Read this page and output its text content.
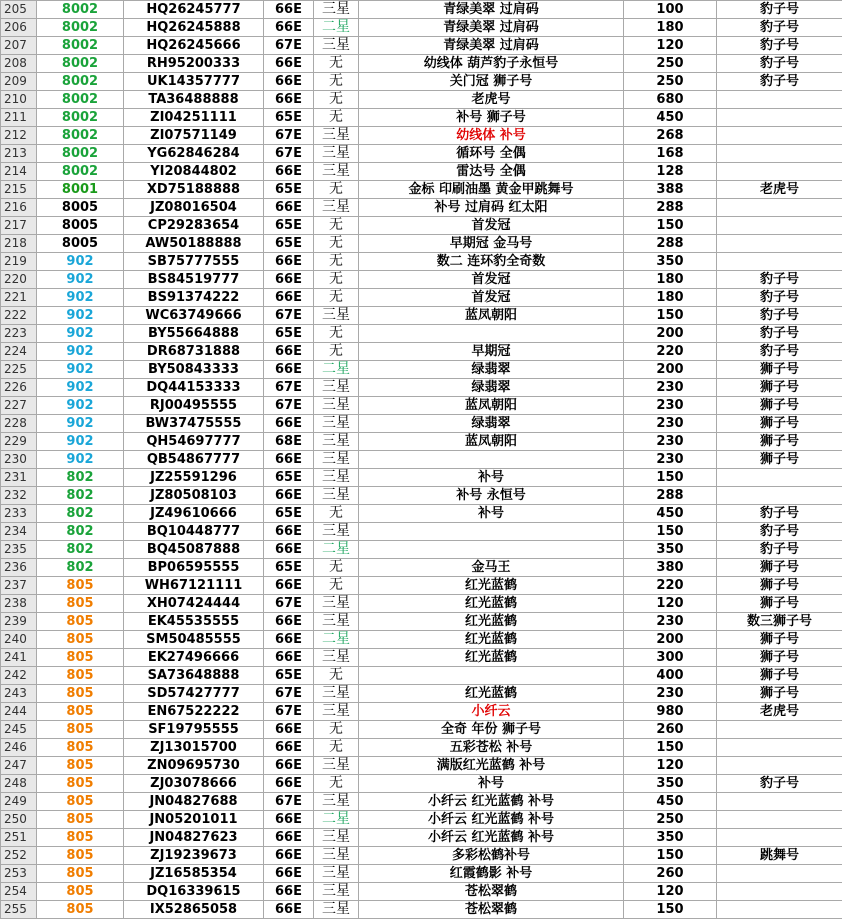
205	8002	HQ26245777	66E	三星	青绿美翠 过肩码	100	豹子号
206	8002	HQ26245888	66E	二星	青绿美翠 过肩码	180	豹子号
207	8002	HQ26245666	67E	三星	青绿美翠 过肩码	120	豹子号
208	8002	RH95200333	66E	无	幼线体 葫芦豹子永恒号	250	豹子号
209	8002	UK14357777	66E	无	关门冠 狮子号	250	豹子号
210	8002	TA36488888	66E	无	老虎号	680	
211	8002	ZI04251111	65E	无	补号 狮子号	450	
212	8002	ZI07571149	67E	三星	幼线体 补号	268	
213	8002	YG62846284	67E	三星	循环号 全偶	168	
214	8002	YI20844802	66E	三星	雷达号 全偶	128	
215	8001	XD75188888	65E	无	金标 印刷油墨 黄金甲跳舞号	388	老虎号
216	8005	JZ08016504	66E	三星	补号 过肩码 红太阳	288	
217	8005	CP29283654	65E	无	首发冠	150	
218	8005	AW50188888	65E	无	早期冠 金马号	288	
219	902	SB75777555	66E	无	数二 连环豹全奇数	350	
220	902	BS84519777	66E	无	首发冠	180	豹子号
221	902	BS91374222	66E	无	首发冠	180	豹子号
222	902	WC63749666	67E	三星	蓝凤朝阳	150	豹子号
223	902	BY55664888	65E	无		200	豹子号
224	902	DR68731888	66E	无	早期冠	220	豹子号
225	902	BY50843333	66E	二星	绿翡翠	200	狮子号
226	902	DQ44153333	67E	三星	绿翡翠	230	狮子号
227	902	RJ00495555	67E	三星	蓝凤朝阳	230	狮子号
228	902	BW37475555	66E	三星	绿翡翠	230	狮子号
229	902	QH54697777	68E	三星	蓝凤朝阳	230	狮子号
230	902	QB54867777	66E	三星		230	狮子号
231	802	JZ25591296	65E	三星	补号	150	
232	802	JZ80508103	66E	三星	补号 永恒号	288	
233	802	JZ49610666	65E	无	补号	450	豹子号
234	802	BQ10448777	66E	三星		150	豹子号
235	802	BQ45087888	66E	二星		350	豹子号
236	802	BP06595555	65E	无	金马王	380	狮子号
237	805	WH67121111	66E	无	红光蓝鹤	220	狮子号
238	805	XH07424444	67E	三星	红光蓝鹤	120	狮子号
239	805	EK45535555	66E	三星	红光蓝鹤	230	数三狮子号
240	805	SM50485555	66E	二星	红光蓝鹤	200	狮子号
241	805	EK27496666	66E	三星	红光蓝鹤	300	狮子号
242	805	SA73648888	65E	无		400	狮子号
243	805	SD57427777	67E	三星	红光蓝鹤	230	狮子号
244	805	EN67522222	67E	三星	小纤云	980	老虎号
245	805	SF19795555	66E	无	全奇 年份 狮子号	260	
246	805	ZJ13015700	66E	无	五彩苍松 补号	150	
247	805	ZN09695730	66E	三星	满版红光蓝鹤 补号	120	
248	805	ZJ03078666	66E	无	补号	350	豹子号
249	805	JN04827688	67E	三星	小纤云 红光蓝鹤 补号	450	
250	805	JN05201011	66E	二星	小纤云 红光蓝鹤 补号	250	
251	805	JN04827623	66E	三星	小纤云 红光蓝鹤 补号	350	
252	805	ZJ19239673	66E	三星	多彩松鹤补号	150	跳舞号
253	805	JZ16585354	66E	三星	红霞鹤影 补号	260	
254	805	DQ16339615	66E	三星	苍松翠鹤	120	
255	805	IX52865058	66E	三星	苍松翠鹤	150	
